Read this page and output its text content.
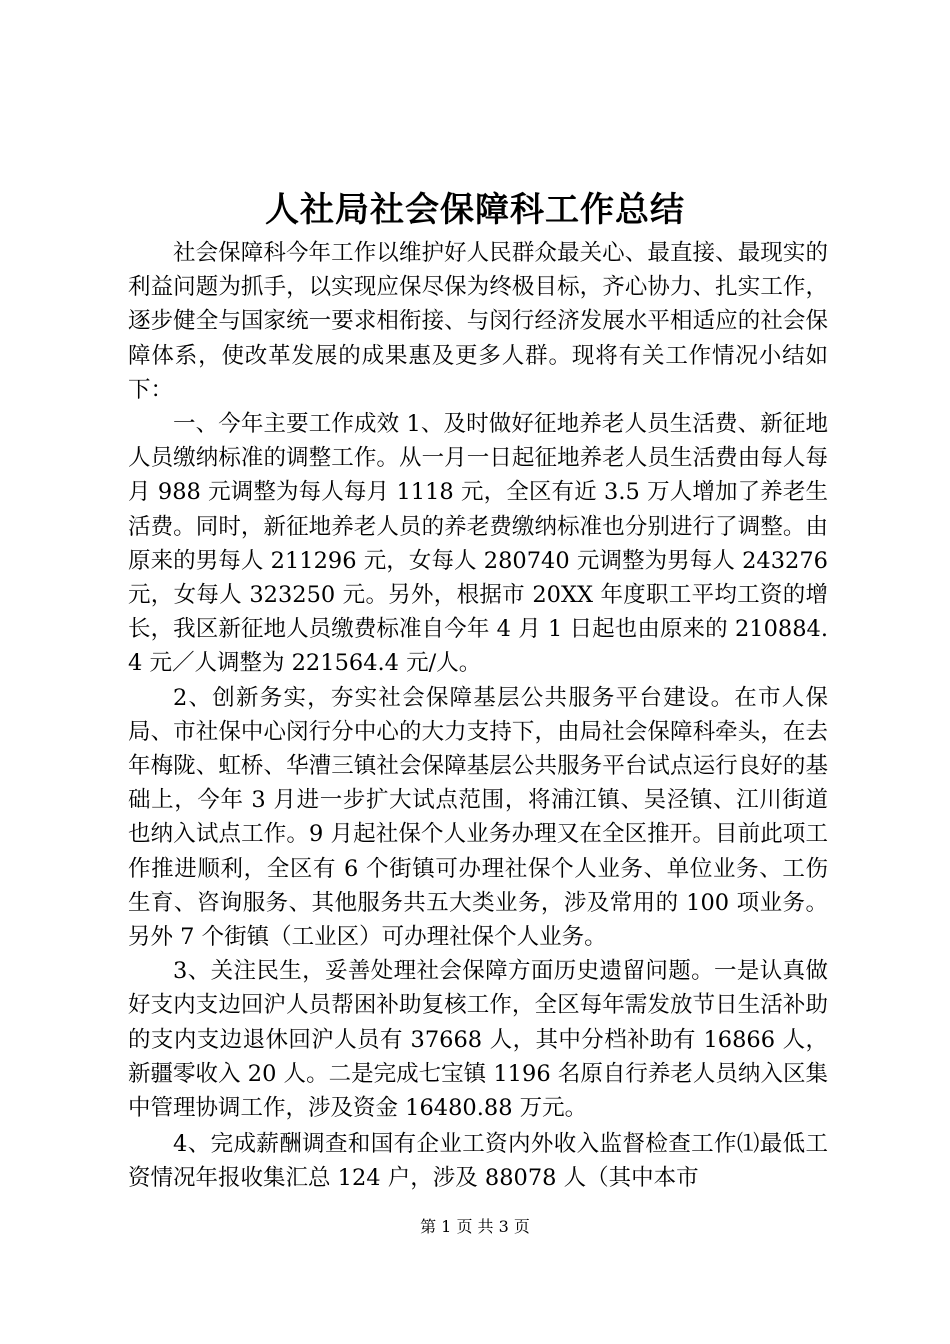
人社局社会保障科工作总结

社会保障科今年工作以维护好人民群众最关心、最直接、最现实的利益问题为抓手，以实现应保尽保为终极目标，齐心协力、扎实工作，逐步健全与国家统一要求相衔接、与闵行经济发展水平相适应的社会保障体系，使改革发展的成果惠及更多人群。现将有关工作情况小结如下：

一、今年主要工作成效 1、及时做好征地养老人员生活费、新征地人员缴纳标准的调整工作。从一月一日起征地养老人员生活费由每人每月 988 元调整为每人每月 1118 元，全区有近 3.5 万人增加了养老生活费。同时，新征地养老人员的养老费缴纳标准也分别进行了调整。由原来的男每人 211296 元，女每人 280740 元调整为男每人 243276 元，女每人 323250 元。另外，根据市 20XX 年度职工平均工资的增长，我区新征地人员缴费标准自今年 4 月 1 日起也由原来的 210884.4 元／人调整为 221564.4 元/人。

2、创新务实，夯实社会保障基层公共服务平台建设。在市人保局、市社保中心闵行分中心的大力支持下，由局社会保障科牵头，在去年梅陇、虹桥、华漕三镇社会保障基层公共服务平台试点运行良好的基础上，今年 3 月进一步扩大试点范围，将浦江镇、吴泾镇、江川街道也纳入试点工作。9 月起社保个人业务办理又在全区推开。目前此项工作推进顺利，全区有 6 个街镇可办理社保个人业务、单位业务、工伤生育、咨询服务、其他服务共五大类业务，涉及常用的 100 项业务。另外 7 个街镇（工业区）可办理社保个人业务。

3、关注民生，妥善处理社会保障方面历史遗留问题。一是认真做好支内支边回沪人员帮困补助复核工作，全区每年需发放节日生活补助的支内支边退休回沪人员有 37668 人，其中分档补助有 16866 人，新疆零收入 20 人。二是完成七宝镇 1196 名原自行养老人员纳入区集中管理协调工作，涉及资金 16480.88 万元。

4、完成薪酬调查和国有企业工资内外收入监督检查工作⑴最低工资情况年报收集汇总 124 户，涉及 88078 人（其中本市

第 1 页 共 3 页
